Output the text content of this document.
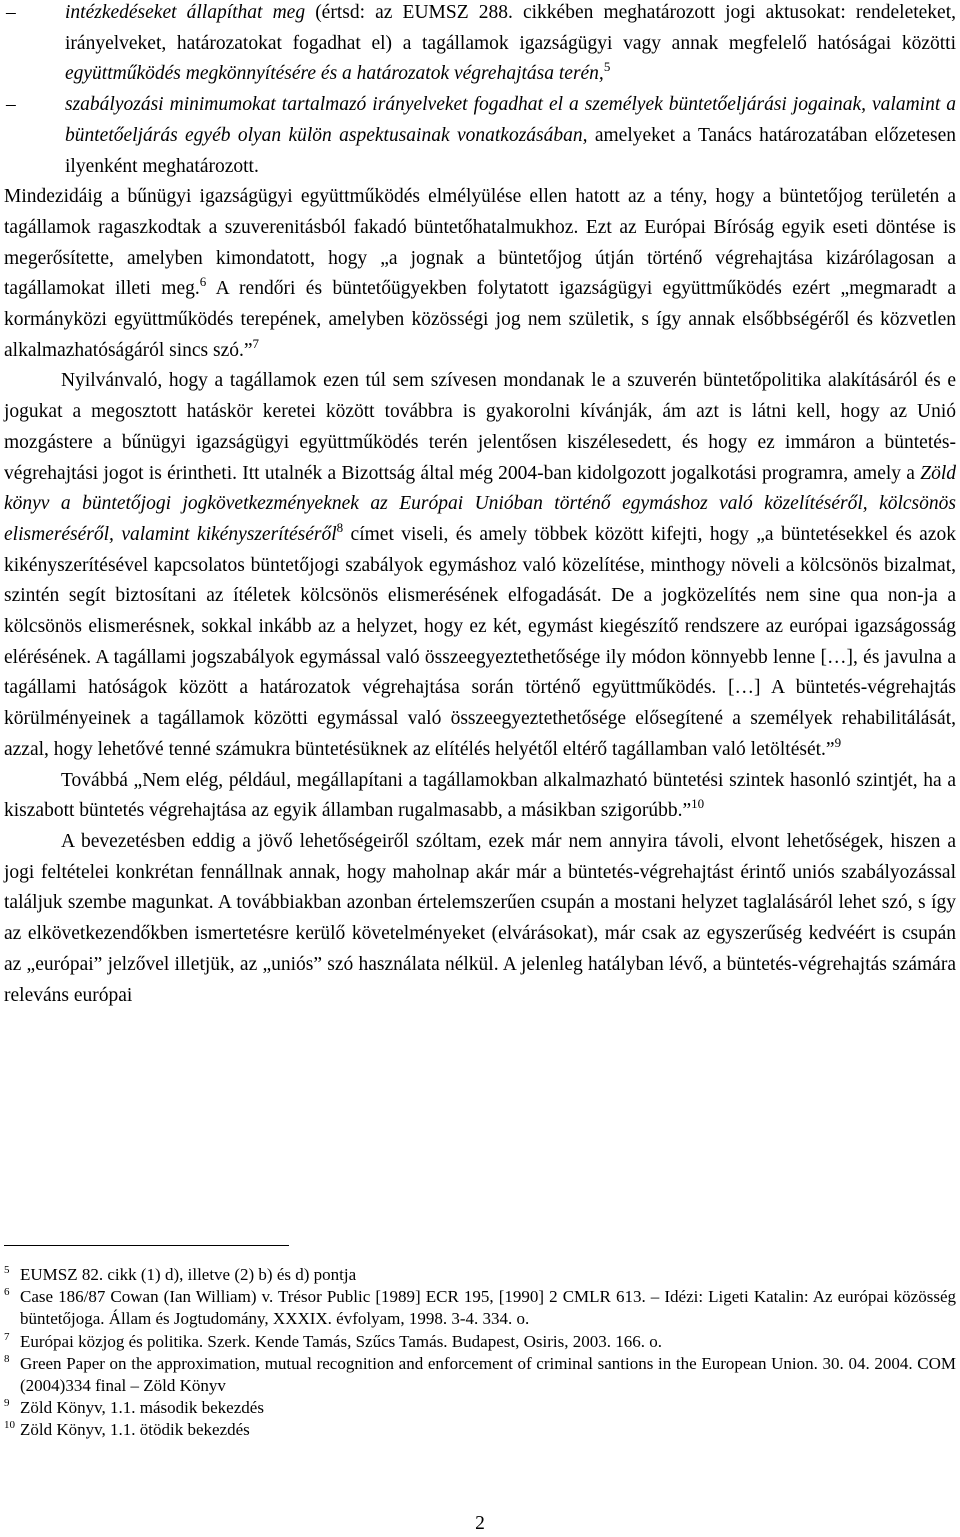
–	intézkedéseket állapíthat meg (értsd: az EUMSZ 288. cikkében meghatározott jogi aktusokat: rendeleteket, irányelveket, határozatokat fogadhat el) a tagállamok igazságügyi vagy annak megfelelő hatóságai közötti együttműködés megkönnyítésére és a határozatok végrehajtása terén,$^5$
–	szabályozási minimumokat tartalmazó irányelveket fogadhat el a személyek büntetőeljárási jogainak, valamint a büntetőeljárás egyéb olyan külön aspektusainak vonatkozásában, amelyeket a Tanács határozatában előzetesen ilyenként meghatározott.

Mindezidáig a bűnügyi igazságügyi együttműködés elmélyülése ellen hatott az a tény, hogy a büntetőjog területén a tagállamok ragaszkodtak a szuverenitásból fakadó büntetőhatalmukhoz. Ezt az Európai Bíróság egyik eseti döntése is megerősítette, amelyben kimondatott, hogy „a jognak a büntetőjog útján történő végrehajtása kizárólagosan a tagállamokat illeti meg.$^6$ A rendőri és büntetőügyekben folytatott igazságügyi együttműködés ezért „megmaradt a kormányközi együttműködés terepének, amelyben közösségi jog nem születik, s így annak elsőbbségéről és közvetlen alkalmazhatóságáról sincs szó.”$^7$

Nyilvánvaló, hogy a tagállamok ezen túl sem szívesen mondanak le a szuverén büntetőpolitika alakításáról és e jogukat a megosztott hatáskör keretei között továbbra is gyakorolni kívánják, ám azt is látni kell, hogy az Unió mozgástere a bűnügyi igazságügyi együttműködés terén jelentősen kiszélesedett, és hogy ez immáron a büntetés-végrehajtási jogot is érintheti. Itt utalnék a Bizottság által még 2004-ban kidolgozott jogalkotási programra, amely a Zöld könyv a büntetőjogi jogkövetkezményeknek az Európai Unióban történő egymáshoz való közelítéséről, kölcsönös elismeréséről, valamint kikényszerítéséről$^8$ címet viseli, és amely többek között kifejti, hogy „a büntetésekkel és azok kikényszerítésével kapcsolatos büntetőjogi szabályok egymáshoz való közelítése, minthogy növeli a kölcsönös bizalmat, szintén segít biztosítani az ítéletek kölcsönös elismerésének elfogadását. De a jogközelítés nem sine qua non-ja a kölcsönös elismerésnek, sokkal inkább az a helyzet, hogy ez két, egymást kiegészítő rendszere az európai igazságosság elérésének. A tagállami jogszabályok egymással való összeegyeztethetősége ily módon könnyebb lenne […], és javulna a tagállami hatóságok között a határozatok végrehajtása során történő együttműködés. […] A büntetés-végrehajtás körülményeinek a tagállamok közötti egymással való összeegyeztethetősége elősegítené a személyek rehabilitálását, azzal, hogy lehetővé tenné számukra büntetésüknek az elítélés helyétől eltérő tagállamban való letöltését.”$^9$

Továbbá „Nem elég, például, megállapítani a tagállamokban alkalmazható büntetési szintek hasonló szintjét, ha a kiszabott büntetés végrehajtása az egyik államban rugalmasabb, a másikban szigorúbb.”$^{10}$

A bevezetésben eddig a jövő lehetőségeiről szóltam, ezek már nem annyira távoli, elvont lehetőségek, hiszen a jogi feltételei konkrétan fennállnak annak, hogy maholnap akár már a büntetés-végrehajtást érintő uniós szabályozással találjuk szembe magunkat. A továbbiakban azonban értelemszerűen csupán a mostani helyzet taglalásáról lehet szó, s így az elkövetkezendőkben ismertetésre kerülő követelményeket (elvárásokat), már csak az egyszerűség kedvéért is csupán az „európai” jelzővel illetjük, az „uniós” szó használata nélkül. A jelenleg hatályban lévő, a büntetés-végrehajtás számára releváns európai

5 EUMSZ 82. cikk (1) d), illetve (2) b) és d) pontja
6 Case 186/87 Cowan (Ian William) v. Trésor Public [1989] ECR 195, [1990] 2 CMLR 613. – Idézi: Ligeti Katalin: Az európai közösség büntetőjoga. Állam és Jogtudomány, XXXIX. évfolyam, 1998. 3-4. 334. o.
7 Európai közjog és politika. Szerk. Kende Tamás, Szűcs Tamás. Budapest, Osiris, 2003. 166. o.
8 Green Paper on the approximation, mutual recognition and enforcement of criminal santions in the European Union. 30. 04. 2004. COM (2004)334 final – Zöld Könyv
9 Zöld Könyv, 1.1. második bekezdés
10 Zöld Könyv, 1.1. ötödik bekezdés
2
